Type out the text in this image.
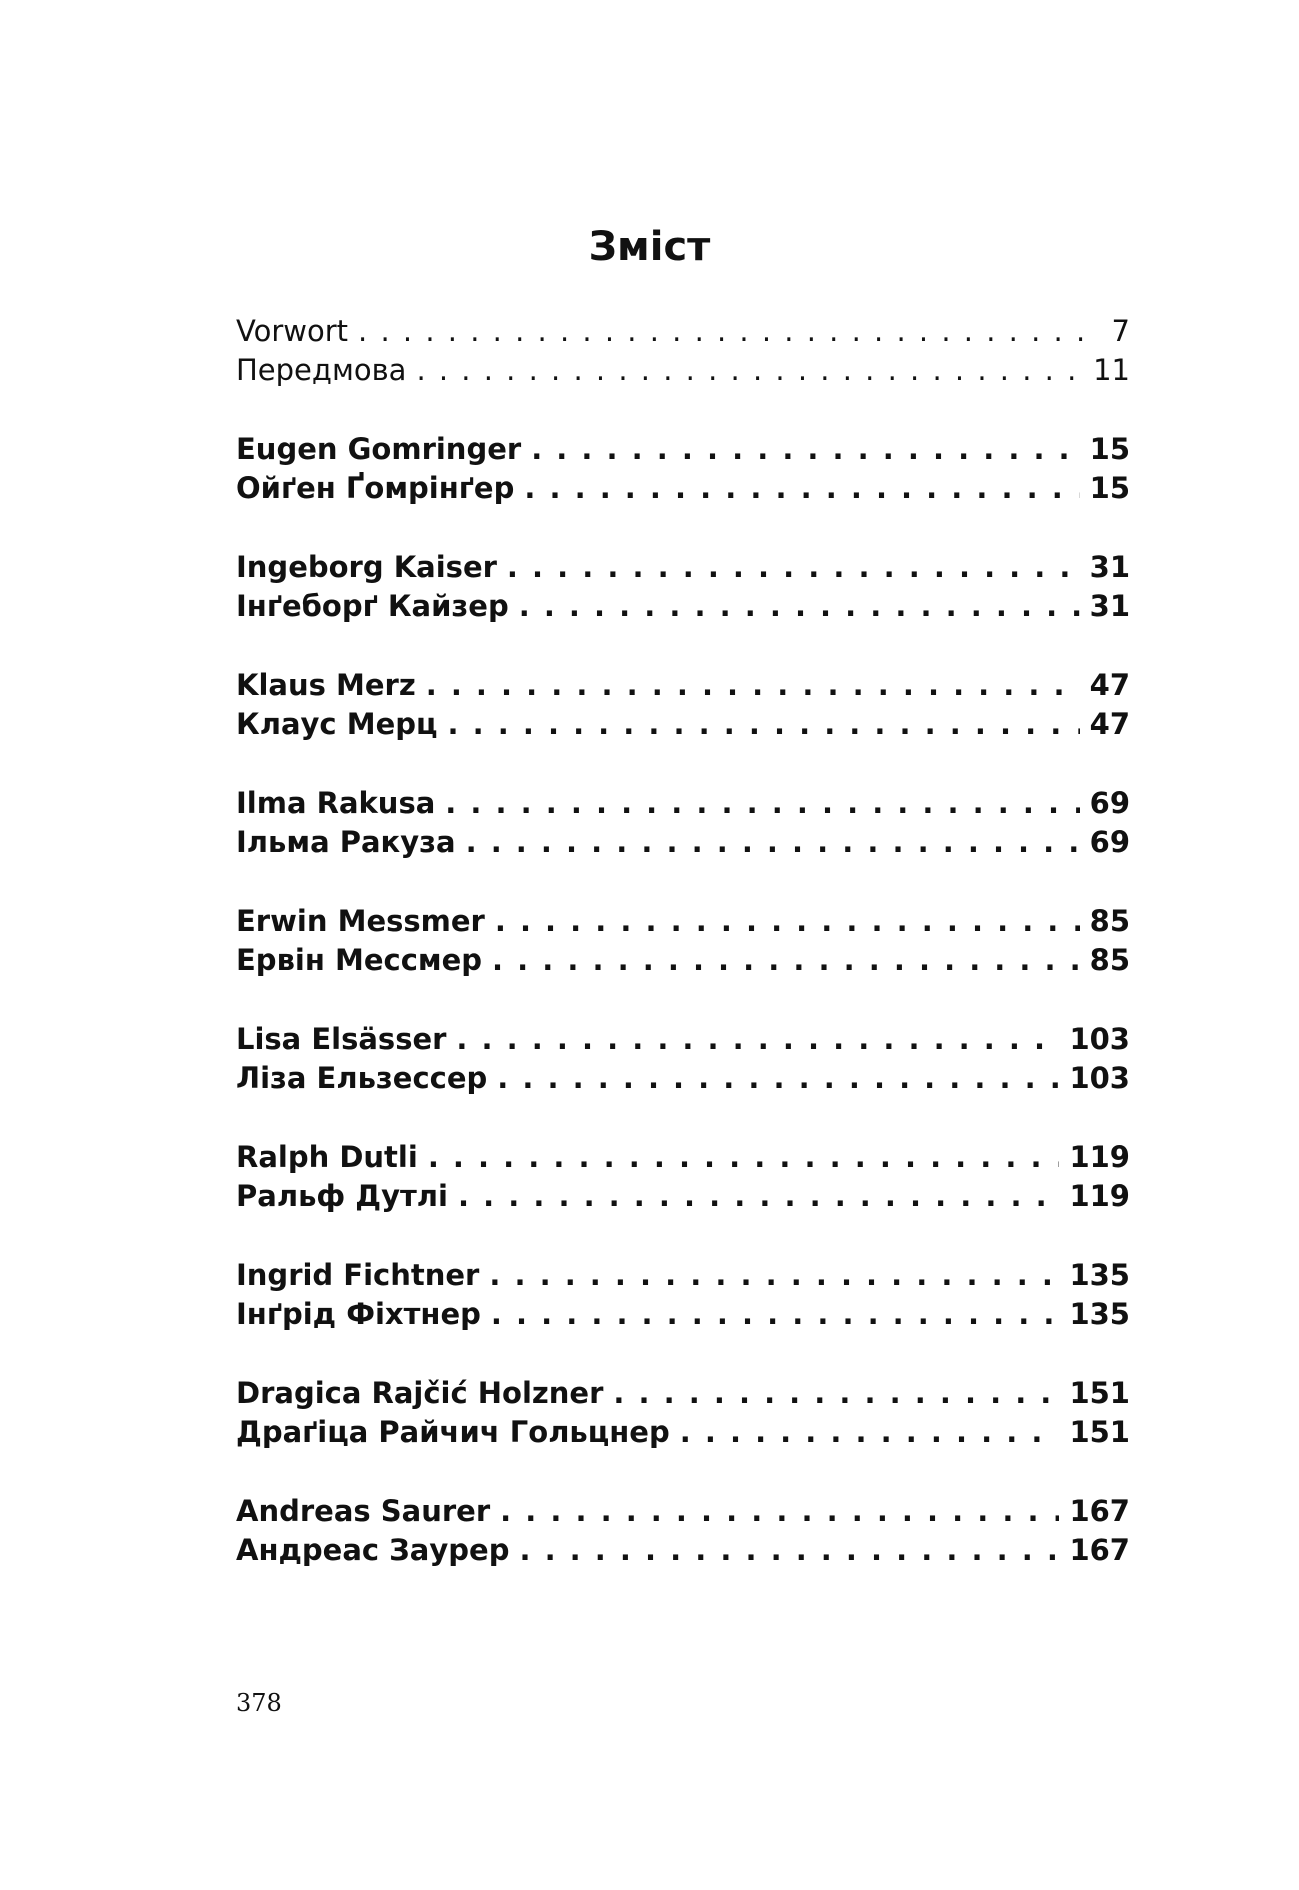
Зміст
Vorwort . . .	7
Передмова . . .	11
Eugen Gomringer . . .	15
Ойґен Ґомрінґер . . .	15
Ingeborg Kaiser . . .	31
Інґеборґ Кайзер . . .	31
Klaus Merz . . .	47
Клаус Мерц . . .	47
Ilma Rakusa . . .	69
Ільма Ракуза . . .	69
Erwin Messmer . . .	85
Ервін Мессмер . . .	85
Lisa Elsässer . . .	103
Ліза Ельзессер . . .	103
Ralph Dutli . . .	119
Ральф Дутлі . . .	119
Ingrid Fichtner . . .	135
Інґрід Фіхтнер . . .	135
Dragica Rajčić Holzner . . .	151
Драґіца Райчич Гольцнер . . .	151
Andreas Saurer . . .	167
Андреас Заурер . . .	167

378
